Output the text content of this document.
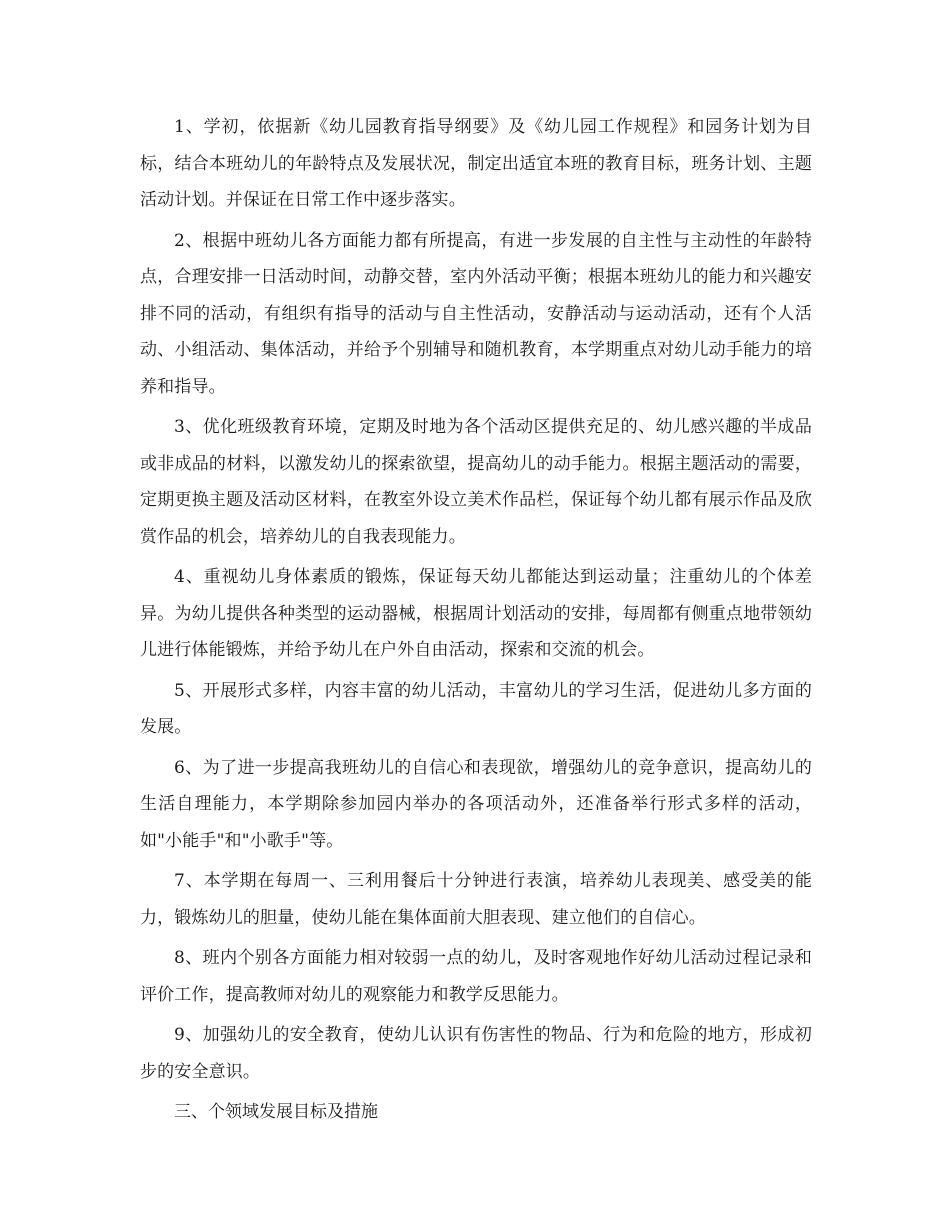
1、学初，依据新《幼儿园教育指导纲要》及《幼儿园工作规程》和园务计划为目标，结合本班幼儿的年龄特点及发展状况，制定出适宜本班的教育目标，班务计划、主题活动计划。并保证在日常工作中逐步落实。

2、根据中班幼儿各方面能力都有所提高，有进一步发展的自主性与主动性的年龄特点，合理安排一日活动时间，动静交替，室内外活动平衡；根据本班幼儿的能力和兴趣安排不同的活动，有组织有指导的活动与自主性活动，安静活动与运动活动，还有个人活动、小组活动、集体活动，并给予个别辅导和随机教育，本学期重点对幼儿动手能力的培养和指导。

3、优化班级教育环境，定期及时地为各个活动区提供充足的、幼儿感兴趣的半成品或非成品的材料，以激发幼儿的探索欲望，提高幼儿的动手能力。根据主题活动的需要，定期更换主题及活动区材料，在教室外设立美术作品栏，保证每个幼儿都有展示作品及欣赏作品的机会，培养幼儿的自我表现能力。

4、重视幼儿身体素质的锻炼，保证每天幼儿都能达到运动量；注重幼儿的个体差异。为幼儿提供各种类型的运动器械，根据周计划活动的安排，每周都有侧重点地带领幼儿进行体能锻炼，并给予幼儿在户外自由活动，探索和交流的机会。

5、开展形式多样，内容丰富的幼儿活动，丰富幼儿的学习生活，促进幼儿多方面的发展。

6、为了进一步提高我班幼儿的自信心和表现欲，增强幼儿的竞争意识，提高幼儿的生活自理能力，本学期除参加园内举办的各项活动外，还准备举行形式多样的活动，如"小能手"和"小歌手"等。

7、本学期在每周一、三利用餐后十分钟进行表演，培养幼儿表现美、感受美的能力，锻炼幼儿的胆量，使幼儿能在集体面前大胆表现、建立他们的自信心。

8、班内个别各方面能力相对较弱一点的幼儿，及时客观地作好幼儿活动过程记录和评价工作，提高教师对幼儿的观察能力和教学反思能力。

9、加强幼儿的安全教育，使幼儿认识有伤害性的物品、行为和危险的地方，形成初步的安全意识。

三、个领域发展目标及措施
